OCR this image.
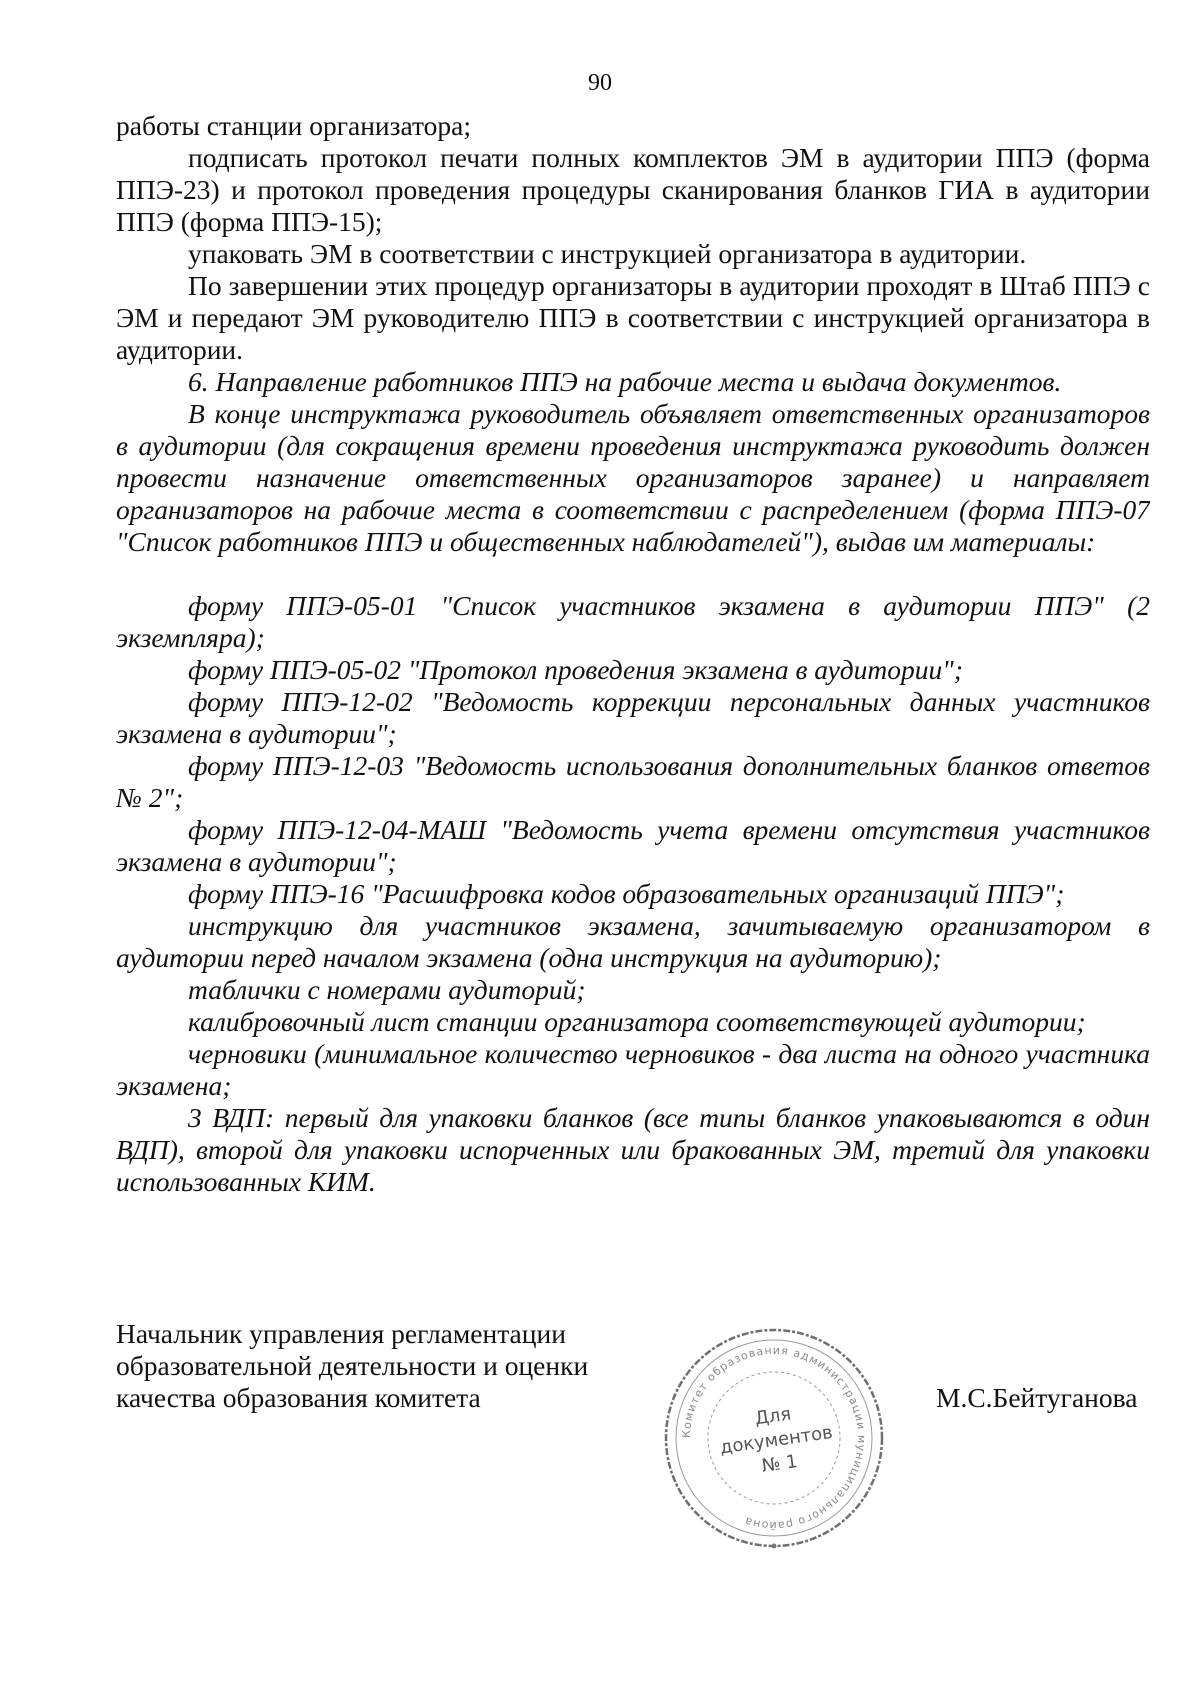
90

работы станции организатора;

подписать протокол печати полных комплектов ЭМ в аудитории ППЭ (форма ППЭ-23) и протокол проведения процедуры сканирования бланков ГИА в аудитории ППЭ (форма ППЭ-15);

упаковать ЭМ в соответствии с инструкцией организатора в аудитории.

По завершении этих процедур организаторы в аудитории проходят в Штаб ППЭ с ЭМ и передают ЭМ руководителю ППЭ в соответствии с инструкцией организатора в аудитории.

6. Направление работников ППЭ на рабочие места и выдача документов.

В конце инструктажа руководитель объявляет ответственных организаторов в аудитории (для сокращения времени проведения инструктажа руководить должен провести назначение ответственных организаторов заранее) и направляет организаторов на рабочие места в соответствии с распределением (форма ППЭ-07 "Список работников ППЭ и общественных наблюдателей"), выдав им материалы:

форму ППЭ-05-01 "Список участников экзамена в аудитории ППЭ" (2 экземпляра);

форму ППЭ-05-02 "Протокол проведения экзамена в аудитории";

форму ППЭ-12-02 "Ведомость коррекции персональных данных участников экзамена в аудитории";

форму ППЭ-12-03 "Ведомость использования дополнительных бланков ответов № 2";

форму ППЭ-12-04-МАШ "Ведомость учета времени отсутствия участников экзамена в аудитории";

форму ППЭ-16 "Расшифровка кодов образовательных организаций ППЭ";

инструкцию для участников экзамена, зачитываемую организатором в аудитории перед началом экзамена (одна инструкция на аудиторию);

таблички с номерами аудиторий;

калибровочный лист станции организатора соответствующей аудитории;

черновики (минимальное количество черновиков - два листа на одного участника экзамена;

3 ВДП: первый для упаковки бланков (все типы бланков упаковываются в один ВДП), второй для упаковки испорченных или бракованных ЭМ, третий для упаковки использованных КИМ.

Начальник управления регламентации
образовательной деятельности и оценки
качества образования комитета	М.С.Бейтуганова
Комитет образования администрации муниципального района
Для
документов
№ 1
